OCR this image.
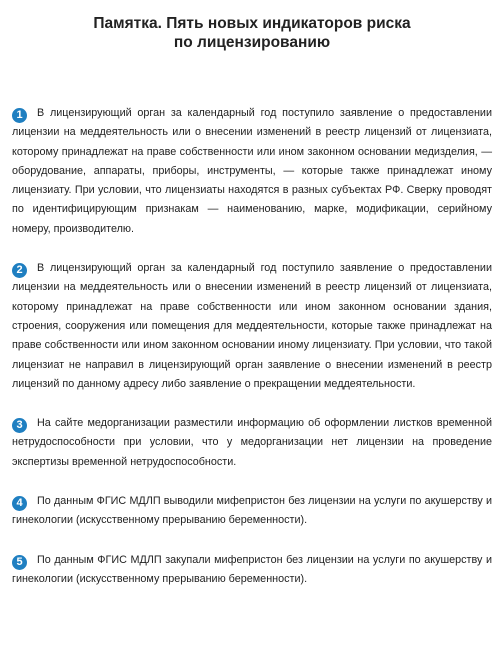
Памятка. Пять новых индикаторов риска
по лицензированию

1 В лицензирующий орган за календарный год поступило заявление о предоставлении лицензии на меддеятельность или о внесении изменений в реестр лицензий от лицензиата, которому принадлежат на праве собственности или ином законном основании медизделия, — оборудование, аппараты, приборы, инструменты, — которые также принадлежат иному лицензиату. При условии, что лицензиаты находятся в разных субъектах РФ. Сверку проводят по идентифицирующим признакам — наименованию, марке, модификации, серийному номеру, производителю.

2 В лицензирующий орган за календарный год поступило заявление о предоставлении лицензии на меддеятельность или о внесении изменений в реестр лицензий от лицензиата, которому принадлежат на праве собственности или ином законном основании здания, строения, сооружения или помещения для меддеятельности, которые также принадлежат на праве собственности или ином законном основании иному лицензиату. При условии, что такой лицензиат не направил в лицензирующий орган заявление о внесении изменений в реестр лицензий по данному адресу либо заявление о прекращении меддеятельности.

3 На сайте медорганизации разместили информацию об оформлении листков временной нетрудоспособности при условии, что у медорганизации нет лицензии на проведение экспертизы временной нетрудоспособности.

4 По данным ФГИС МДЛП выводили мифепристон без лицензии на услуги по акушерству и гинекологии (искусственному прерыванию беременности).

5 По данным ФГИС МДЛП закупали мифепристон без лицензии на услуги по акушерству и гинекологии (искусственному прерыванию беременности).
